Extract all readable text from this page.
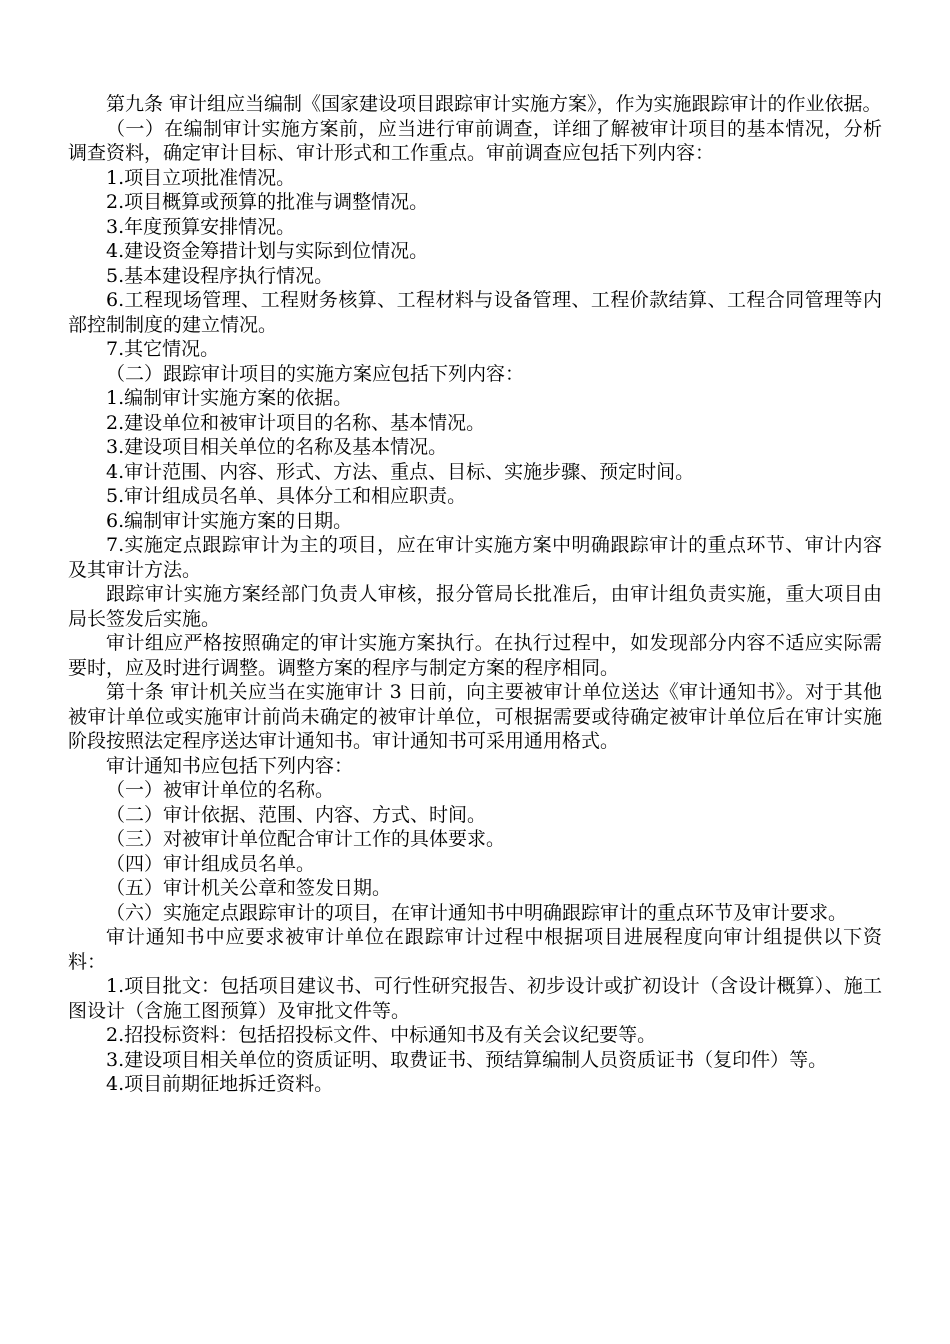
第九条 审计组应当编制《国家建设项目跟踪审计实施方案》，作为实施跟踪审计的作业依据。

（一）在编制审计实施方案前，应当进行审前调查，详细了解被审计项目的基本情况，分析调查资料，确定审计目标、审计形式和工作重点。审前调查应包括下列内容：

1.项目立项批准情况。

2.项目概算或预算的批准与调整情况。

3.年度预算安排情况。

4.建设资金筹措计划与实际到位情况。

5.基本建设程序执行情况。

6.工程现场管理、工程财务核算、工程材料与设备管理、工程价款结算、工程合同管理等内部控制制度的建立情况。

7.其它情况。

（二）跟踪审计项目的实施方案应包括下列内容：

1.编制审计实施方案的依据。

2.建设单位和被审计项目的名称、基本情况。

3.建设项目相关单位的名称及基本情况。

4.审计范围、内容、形式、方法、重点、目标、实施步骤、预定时间。

5.审计组成员名单、具体分工和相应职责。

6.编制审计实施方案的日期。

7.实施定点跟踪审计为主的项目，应在审计实施方案中明确跟踪审计的重点环节、审计内容及其审计方法。

跟踪审计实施方案经部门负责人审核，报分管局长批准后，由审计组负责实施，重大项目由局长签发后实施。

审计组应严格按照确定的审计实施方案执行。在执行过程中，如发现部分内容不适应实际需要时，应及时进行调整。调整方案的程序与制定方案的程序相同。

第十条 审计机关应当在实施审计 3 日前，向主要被审计单位送达《审计通知书》。对于其他被审计单位或实施审计前尚未确定的被审计单位，可根据需要或待确定被审计单位后在审计实施阶段按照法定程序送达审计通知书。审计通知书可采用通用格式。

审计通知书应包括下列内容：

（一）被审计单位的名称。

（二）审计依据、范围、内容、方式、时间。

（三）对被审计单位配合审计工作的具体要求。

（四）审计组成员名单。

（五）审计机关公章和签发日期。

（六）实施定点跟踪审计的项目，在审计通知书中明确跟踪审计的重点环节及审计要求。

审计通知书中应要求被审计单位在跟踪审计过程中根据项目进展程度向审计组提供以下资料：

1.项目批文：包括项目建议书、可行性研究报告、初步设计或扩初设计（含设计概算）、施工图设计（含施工图预算）及审批文件等。

2.招投标资料：包括招投标文件、中标通知书及有关会议纪要等。

3.建设项目相关单位的资质证明、取费证书、预结算编制人员资质证书（复印件）等。

4.项目前期征地拆迁资料。
